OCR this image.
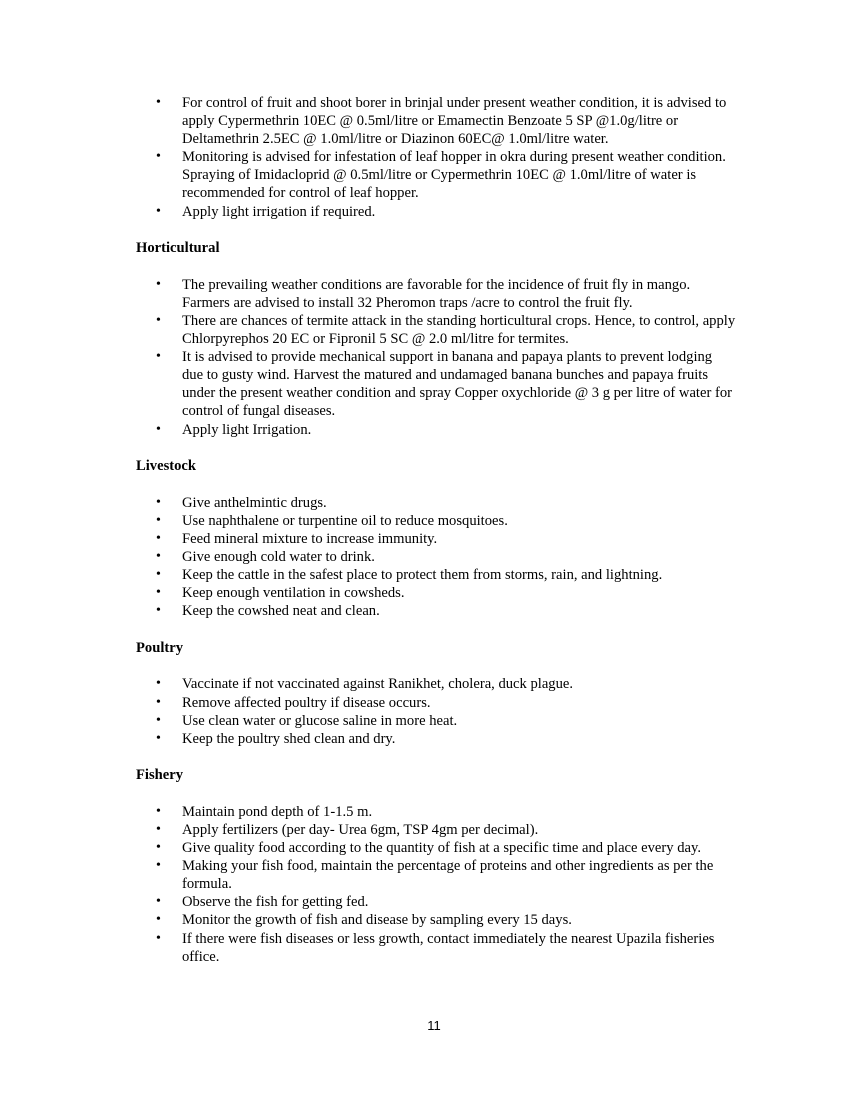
• For control of fruit and shoot borer in brinjal under present weather condition, it is advised to apply Cypermethrin 10EC @ 0.5ml/litre or Emamectin Benzoate 5 SP @1.0g/litre or Deltamethrin 2.5EC @ 1.0ml/litre or Diazinon 60EC@ 1.0ml/litre water.
• Monitoring is advised for infestation of leaf hopper in okra during present weather condition. Spraying of Imidacloprid @ 0.5ml/litre or Cypermethrin 10EC @ 1.0ml/litre of water is recommended for control of leaf hopper.
• Apply light irrigation if required.
Horticultural
• The prevailing weather conditions are favorable for the incidence of fruit fly in mango. Farmers are advised to install 32 Pheromon traps /acre to control the fruit fly.
• There are chances of termite attack in the standing horticultural crops. Hence, to control, apply Chlorpyrephos 20 EC or Fipronil 5 SC @ 2.0 ml/litre for termites.
• It is advised to provide mechanical support in banana and papaya plants to prevent lodging due to gusty wind. Harvest the matured and undamaged banana bunches and papaya fruits under the present weather condition and spray Copper oxychloride @ 3 g per litre of water for control of fungal diseases.
• Apply light Irrigation.
Livestock
• Give anthelmintic drugs.
• Use naphthalene or turpentine oil to reduce mosquitoes.
• Feed mineral mixture to increase immunity.
• Give enough cold water to drink.
• Keep the cattle in the safest place to protect them from storms, rain, and lightning.
• Keep enough ventilation in cowsheds.
• Keep the cowshed neat and clean.
Poultry
• Vaccinate if not vaccinated against Ranikhet, cholera, duck plague.
• Remove affected poultry if disease occurs.
• Use clean water or glucose saline in more heat.
• Keep the poultry shed clean and dry.
Fishery
• Maintain pond depth of 1-1.5 m.
• Apply fertilizers (per day- Urea 6gm, TSP 4gm per decimal).
• Give quality food according to the quantity of fish at a specific time and place every day.
• Making your fish food, maintain the percentage of proteins and other ingredients as per the formula.
• Observe the fish for getting fed.
• Monitor the growth of fish and disease by sampling every 15 days.
• If there were fish diseases or less growth, contact immediately the nearest Upazila fisheries office.
11
